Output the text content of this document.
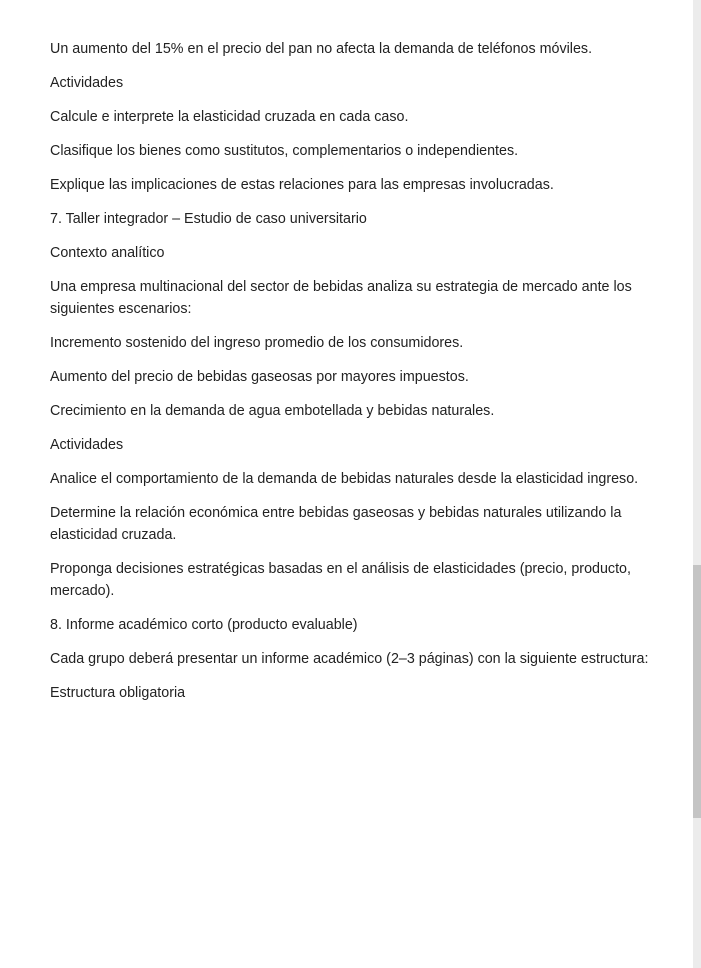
Un aumento del 15% en el precio del pan no afecta la demanda de teléfonos móviles.

Actividades

Calcule e interprete la elasticidad cruzada en cada caso.

Clasifique los bienes como sustitutos, complementarios o independientes.

Explique las implicaciones de estas relaciones para las empresas involucradas.

7. Taller integrador – Estudio de caso universitario

Contexto analítico

Una empresa multinacional del sector de bebidas analiza su estrategia de mercado ante los siguientes escenarios:

Incremento sostenido del ingreso promedio de los consumidores.

Aumento del precio de bebidas gaseosas por mayores impuestos.

Crecimiento en la demanda de agua embotellada y bebidas naturales.

Actividades

Analice el comportamiento de la demanda de bebidas naturales desde la elasticidad ingreso.

Determine la relación económica entre bebidas gaseosas y bebidas naturales utilizando la elasticidad cruzada.

Proponga decisiones estratégicas basadas en el análisis de elasticidades (precio, producto, mercado).

8. Informe académico corto (producto evaluable)

Cada grupo deberá presentar un informe académico (2–3 páginas) con la siguiente estructura:

Estructura obligatoria
